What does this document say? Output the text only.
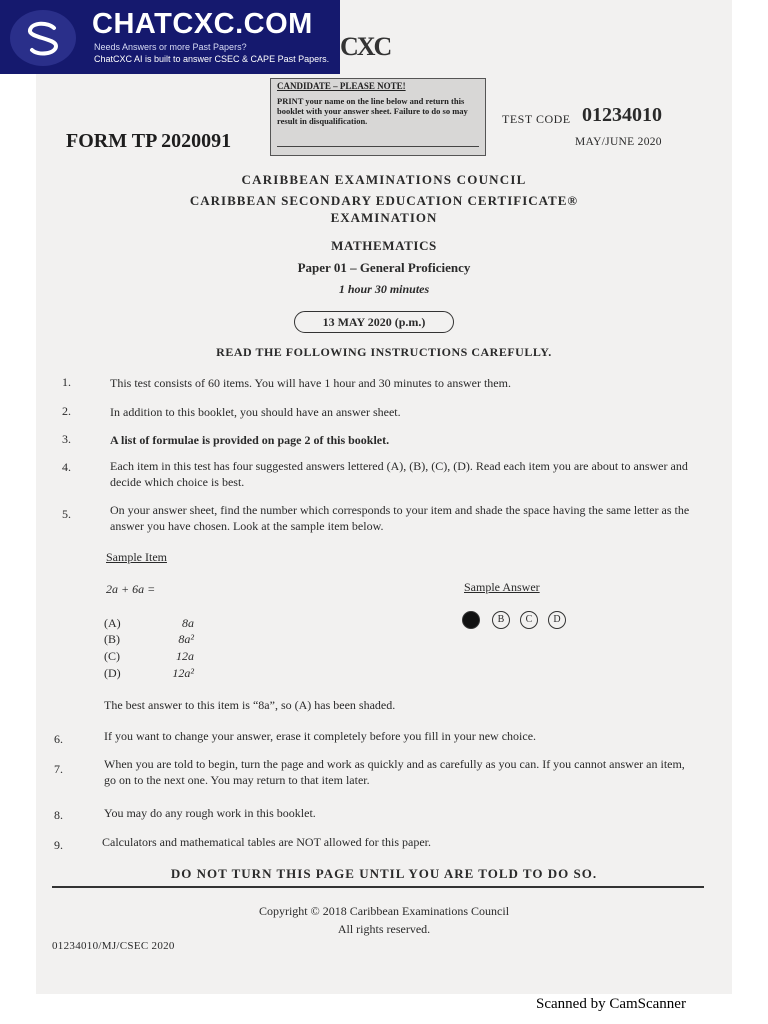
CHATCXC.COM
Needs Answers or more Past Papers?
ChatCXC AI is built to answer CSEC & CAPE Past Papers. CXC
CANDIDATE – PLEASE NOTE!
PRINT your name on the line below and return this booklet with your answer sheet. Failure to do so may result in disqualification.
FORM TP 2020091
TEST CODE 01234010
MAY/JUNE 2020
CARIBBEAN EXAMINATIONS COUNCIL
CARIBBEAN SECONDARY EDUCATION CERTIFICATE®
EXAMINATION
MATHEMATICS
Paper 01 – General Proficiency
1 hour 30 minutes
13 MAY 2020 (p.m.)
READ THE FOLLOWING INSTRUCTIONS CAREFULLY.
1.	This test consists of 60 items. You will have 1 hour and 30 minutes to answer them.
2.	In addition to this booklet, you should have an answer sheet.
3.	A list of formulae is provided on page 2 of this booklet.
4.	Each item in this test has four suggested answers lettered (A), (B), (C), (D). Read each item you are about to answer and decide which choice is best.
5.	On your answer sheet, find the number which corresponds to your item and shade the space having the same letter as the answer you have chosen. Look at the sample item below.
Sample Item
2a + 6a =	Sample Answer
(A)	8a
(B)	8a²
(C)	12a
(D)	12a²
B	C	D
The best answer to this item is “8a”, so (A) has been shaded.
6.	If you want to change your answer, erase it completely before you fill in your new choice.
7.	When you are told to begin, turn the page and work as quickly and as carefully as you can. If you cannot answer an item, go on to the next one. You may return to that item later.
8.	You may do any rough work in this booklet.
9.	Calculators and mathematical tables are NOT allowed for this paper.
DO NOT TURN THIS PAGE UNTIL YOU ARE TOLD TO DO SO.
Copyright © 2018 Caribbean Examinations Council
All rights reserved.
01234010/MJ/CSEC 2020
Scanned by CamScanner
